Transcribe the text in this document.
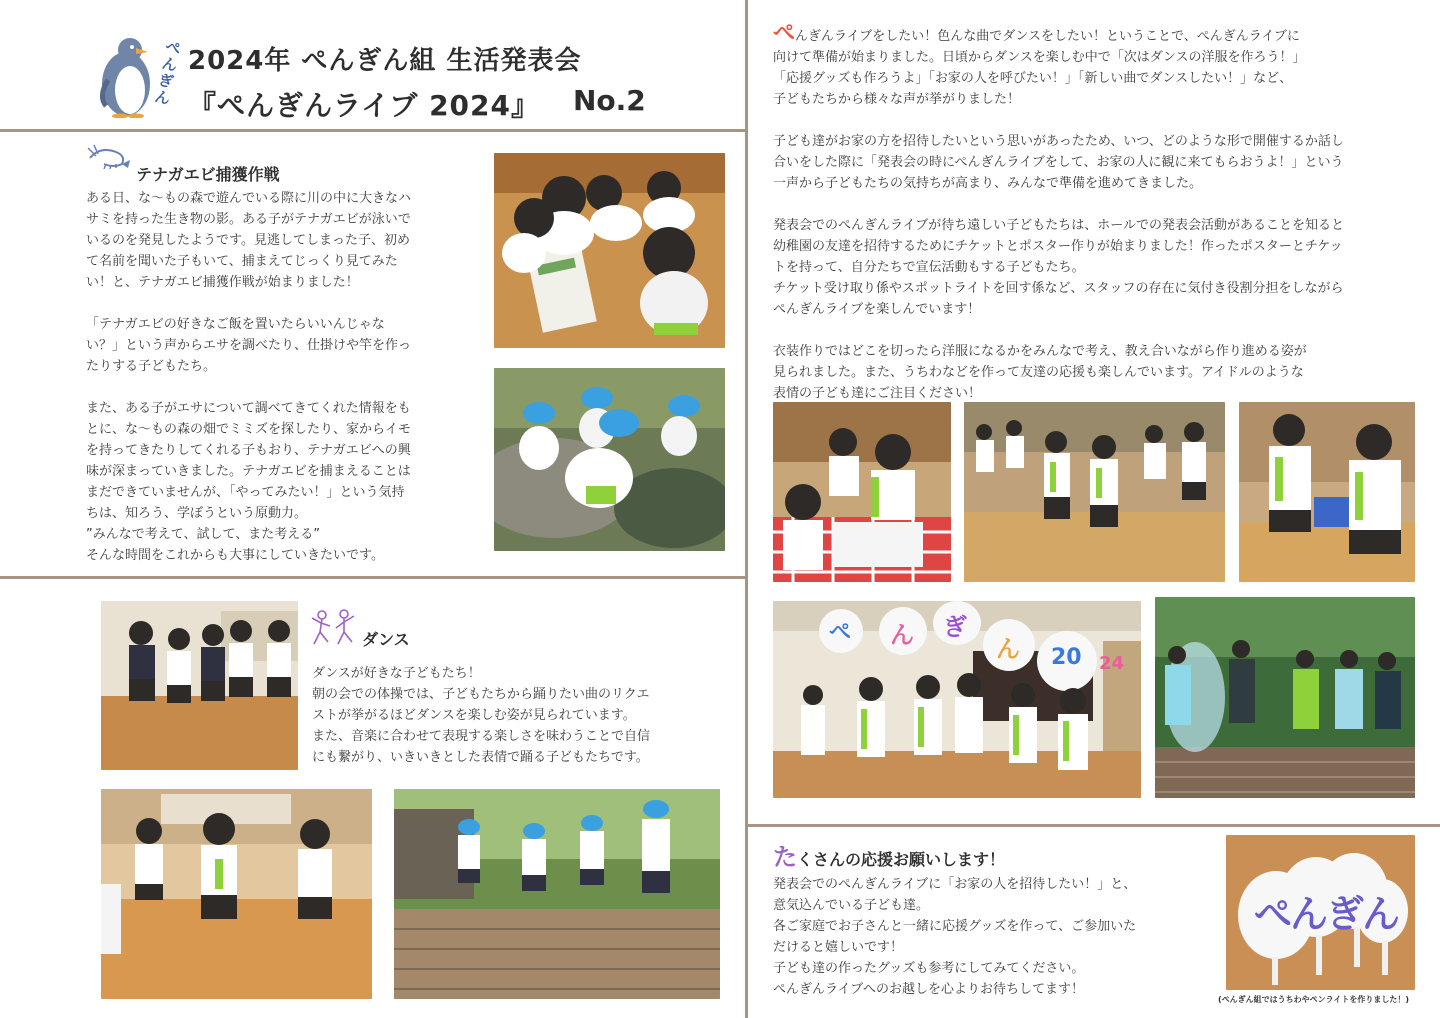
ぺんぎん
2024年 ぺんぎん組 生活発表会
『ぺんぎんライブ 2024』 No.2
テナガエビ捕獲作戦
ある日、な〜もの森で遊んでいる際に川の中に大きなハ
サミを持った生き物の影。ある子がテナガエビが泳いで
いるのを発見したようです。見逃してしまった子、初め
て名前を聞いた子もいて、捕まえてじっくり見てみた
い！と、テナガエビ捕獲作戦が始まりました！
「テナガエビの好きなご飯を置いたらいいんじゃな
い？」という声からエサを調べたり、仕掛けや竿を作っ
たりする子どもたち。
また、ある子がエサについて調べてきてくれた情報をも
とに、な〜もの森の畑でミミズを探したり、家からイモ
を持ってきたりしてくれる子もおり、テナガエビへの興
味が深まっていきました。テナガエビを捕まえることは
まだできていませんが、「やってみたい！」という気持
ちは、知ろう、学ぼうという原動力。
”みんなで考えて、試して、また考える”
そんな時間をこれからも大事にしていきたいです。
ダンス
ダンスが好きな子どもたち！
朝の会での体操では、子どもたちから踊りたい曲のリクエ
ストが挙がるほどダンスを楽しむ姿が見られています。
また、音楽に合わせて表現する楽しさを味わうことで自信
にも繋がり、いきいきとした表情で踊る子どもたちです。
ぺんぎんライブをしたい！色んな曲でダンスをしたい！ということで、ぺんぎんライブに
向けて準備が始まりました。日頃からダンスを楽しむ中で「次はダンスの洋服を作ろう！」
「応援グッズも作ろうよ」「お家の人を呼びたい！」「新しい曲でダンスしたい！」など、
子どもたちから様々な声が挙がりました！
子ども達がお家の方を招待したいという思いがあったため、いつ、どのような形で開催するか話し
合いをした際に「発表会の時にぺんぎんライブをして、お家の人に観に来てもらおうよ！」という
一声から子どもたちの気持ちが高まり、みんなで準備を進めてきました。
発表会でのぺんぎんライブが待ち遠しい子どもたちは、ホールでの発表会活動があることを知ると
幼稚園の友達を招待するためにチケットとポスター作りが始まりました！作ったポスターとチケッ
トを持って、自分たちで宣伝活動もする子どもたち。
チケット受け取り係やスポットライトを回す係など、スタッフの存在に気付き役割分担をしながら
ぺんぎんライブを楽しんでいます！
衣装作りではどこを切ったら洋服になるかをみんなで考え、教え合いながら作り進める姿が
見られました。また、うちわなどを作って友達の応援も楽しんでいます。アイドルのような
表情の子ども達にご注目ください！
ぺ ん ぎ
ん 20 24
たくさんの応援お願いします！
発表会でのぺんぎんライブに「お家の人を招待したい！」と、
意気込んでいる子ども達。
各ご家庭でお子さんと一緒に応援グッズを作って、ご参加いた
だけると嬉しいです！
子ども達の作ったグッズも参考にしてみてください。
ぺんぎんライブへのお越しを心よりお待ちしてます！
ぺんぎん
(ぺんぎん組ではうちわやペンライトを作りました！)
